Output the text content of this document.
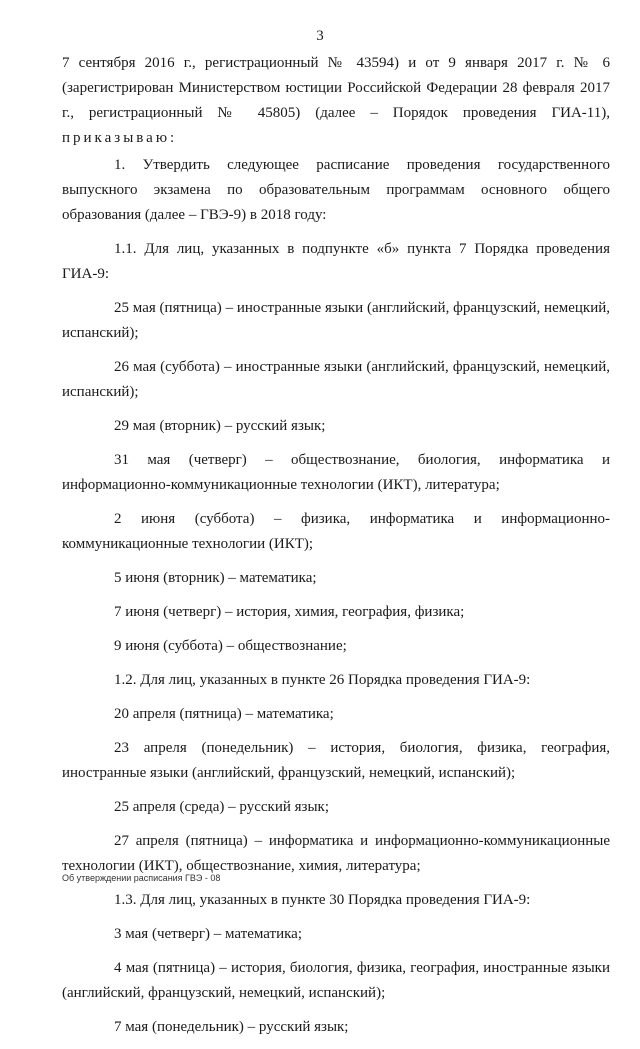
3

7 сентября 2016 г., регистрационный № 43594) и от 9 января 2017 г. № 6 (зарегистрирован Министерством юстиции Российской Федерации 28 февраля 2017 г., регистрационный № 45805) (далее – Порядок проведения ГИА-11), приказываю:

1. Утвердить следующее расписание проведения государственного выпускного экзамена по образовательным программам основного общего образования (далее – ГВЭ-9) в 2018 году:

1.1. Для лиц, указанных в подпункте «б» пункта 7 Порядка проведения ГИА-9:

25 мая (пятница) – иностранные языки (английский, французский, немецкий, испанский);

26 мая (суббота) – иностранные языки (английский, французский, немецкий, испанский);

29 мая (вторник) – русский язык;

31 мая (четверг) – обществознание, биология, информатика и информационно-коммуникационные технологии (ИКТ), литература;

2 июня (суббота) – физика, информатика и информационно-коммуникационные технологии (ИКТ);

5 июня (вторник) – математика;

7 июня (четверг) – история, химия, география, физика;

9 июня (суббота) – обществознание;

1.2. Для лиц, указанных в пункте 26 Порядка проведения ГИА-9:

20 апреля (пятница) – математика;

23 апреля (понедельник) – история, биология, физика, география, иностранные языки (английский, французский, немецкий, испанский);

25 апреля (среда) – русский язык;

27 апреля (пятница) – информатика и информационно-коммуникационные технологии (ИКТ), обществознание, химия, литература;

1.3. Для лиц, указанных в пункте 30 Порядка проведения ГИА-9:

3 мая (четверг) – математика;

4 мая (пятница) – история, биология, физика, география, иностранные языки (английский, французский, немецкий, испанский);

7 мая (понедельник) – русский язык;

Об утверждении расписания ГВЭ - 08
